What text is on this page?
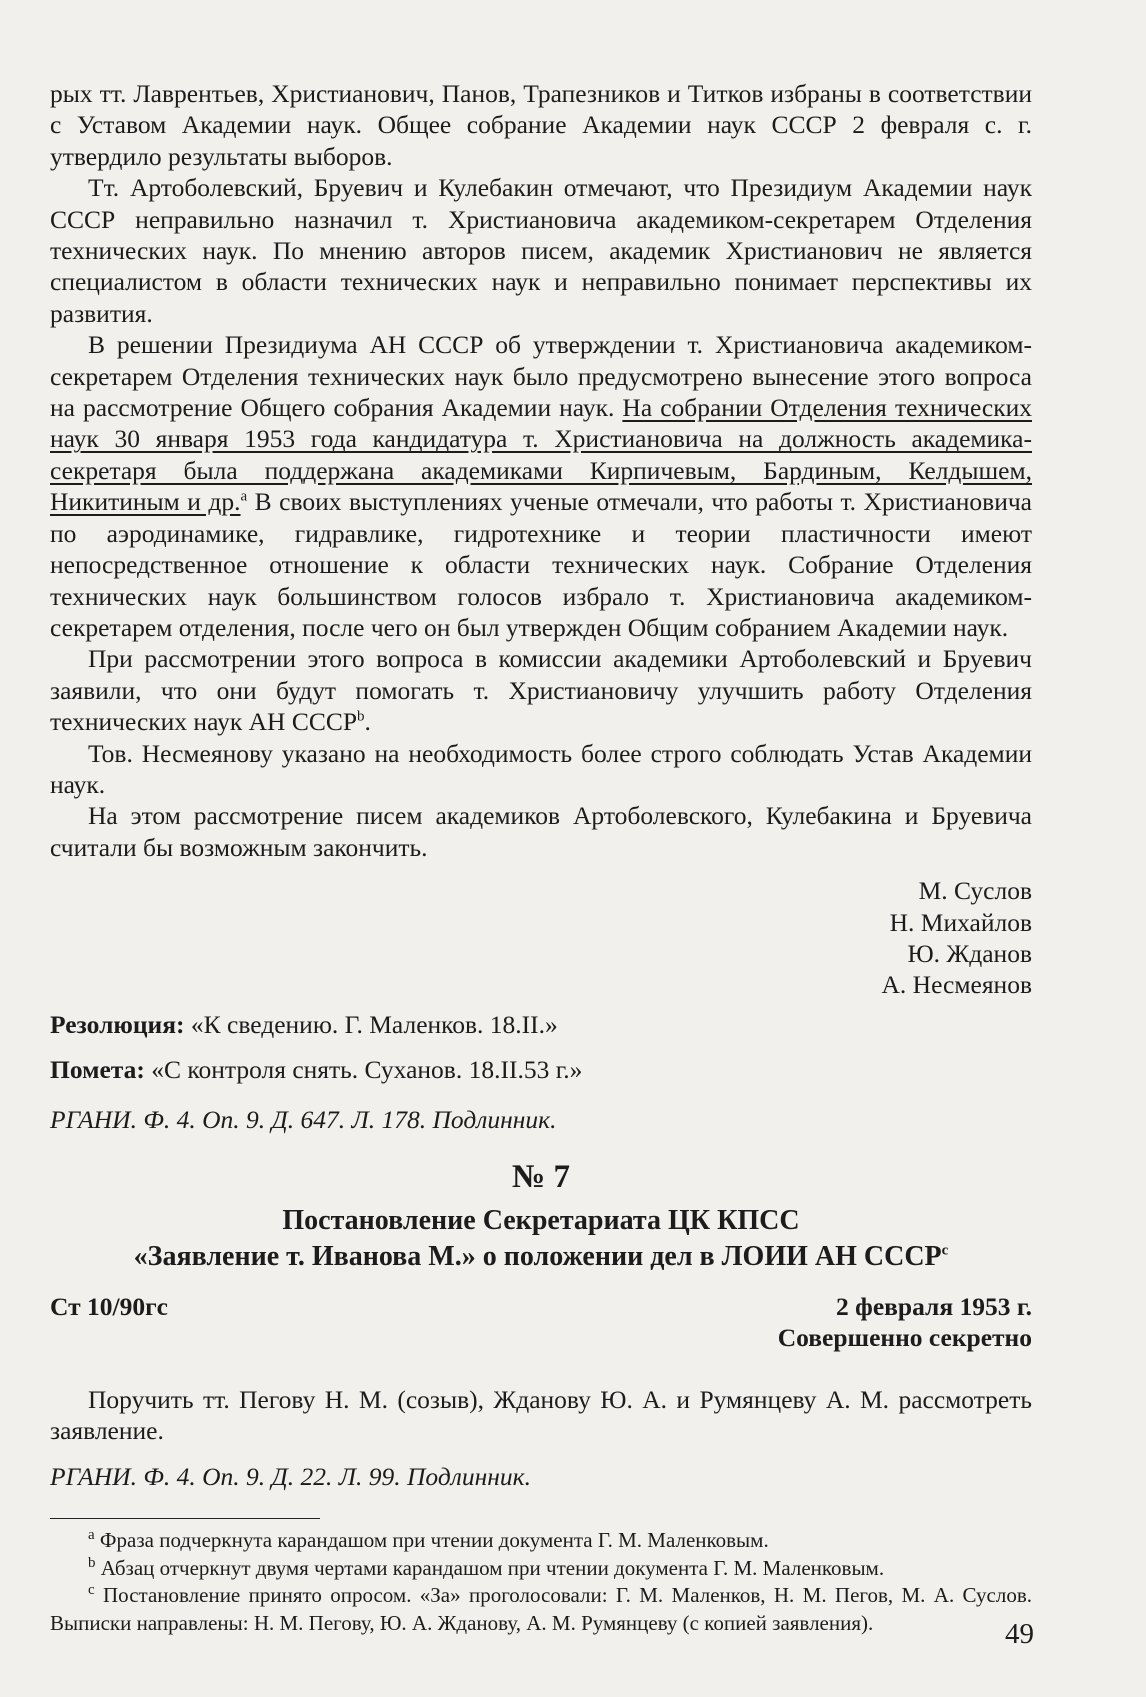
рых тт. Лаврентьев, Христианович, Панов, Трапезников и Титков избраны в соответствии с Уставом Академии наук. Общее собрание Академии наук СССР 2 февраля с. г. утвердило результаты выборов.

Тт. Артоболевский, Бруевич и Кулебакин отмечают, что Президиум Академии наук СССР неправильно назначил т. Христиановича академиком-секретарем Отделения технических наук. По мнению авторов писем, академик Христианович не является специалистом в области технических наук и неправильно понимает перспективы их развития.

В решении Президиума АН СССР об утверждении т. Христиановича академиком-секретарем Отделения технических наук было предусмотрено вынесение этого вопроса на рассмотрение Общего собрания Академии наук. На собрании Отделения технических наук 30 января 1953 года кандидатура т. Христиановича на должность академика-секретаря была поддержана академиками Кирпичевым, Бардиным, Келдышем, Никитиным и др.$^a$ В своих выступлениях ученые отмечали, что работы т. Христиановича по аэродинамике, гидравлике, гидротехнике и теории пластичности имеют непосредственное отношение к области технических наук. Собрание Отделения технических наук большинством голосов избрало т. Христиановича академиком-секретарем отделения, после чего он был утвержден Общим собранием Академии наук.

При рассмотрении этого вопроса в комиссии академики Артоболевский и Бруевич заявили, что они будут помогать т. Христиановичу улучшить работу Отделения технических наук АН СССР$^b$.

Тов. Несмеянову указано на необходимость более строго соблюдать Устав Академии наук.

На этом рассмотрение писем академиков Артоболевского, Кулебакина и Бруевича считали бы возможным закончить.

М. Суслов
Н. Михайлов
Ю. Жданов
А. Несмеянов

Резолюция: «К сведению. Г. Маленков. 18.II.»

Помета: «С контроля снять. Суханов. 18.II.53 г.»

РГАНИ. Ф. 4. Оп. 9. Д. 647. Л. 178. Подлинник.

№ 7
Постановление Секретариата ЦК КПСС
«Заявление т. Иванова М.» о положении дел в ЛОИИ АН СССР$^c$
Ст 10/90гс	2 февраля 1953 г.
Совершенно секретно

Поручить тт. Пегову Н. М. (созыв), Жданову Ю. А. и Румянцеву А. М. рассмотреть заявление.

РГАНИ. Ф. 4. Оп. 9. Д. 22. Л. 99. Подлинник.

$^a$ Фраза подчеркнута карандашом при чтении документа Г. М. Маленковым.

$^b$ Абзац отчеркнут двумя чертами карандашом при чтении документа Г. М. Маленковым.

$^c$ Постановление принято опросом. «За» проголосовали: Г. М. Маленков, Н. М. Пегов, М. А. Суслов. Выписки направлены: Н. М. Пегову, Ю. А. Жданову, А. М. Румянцеву (с копией заявления).	49
